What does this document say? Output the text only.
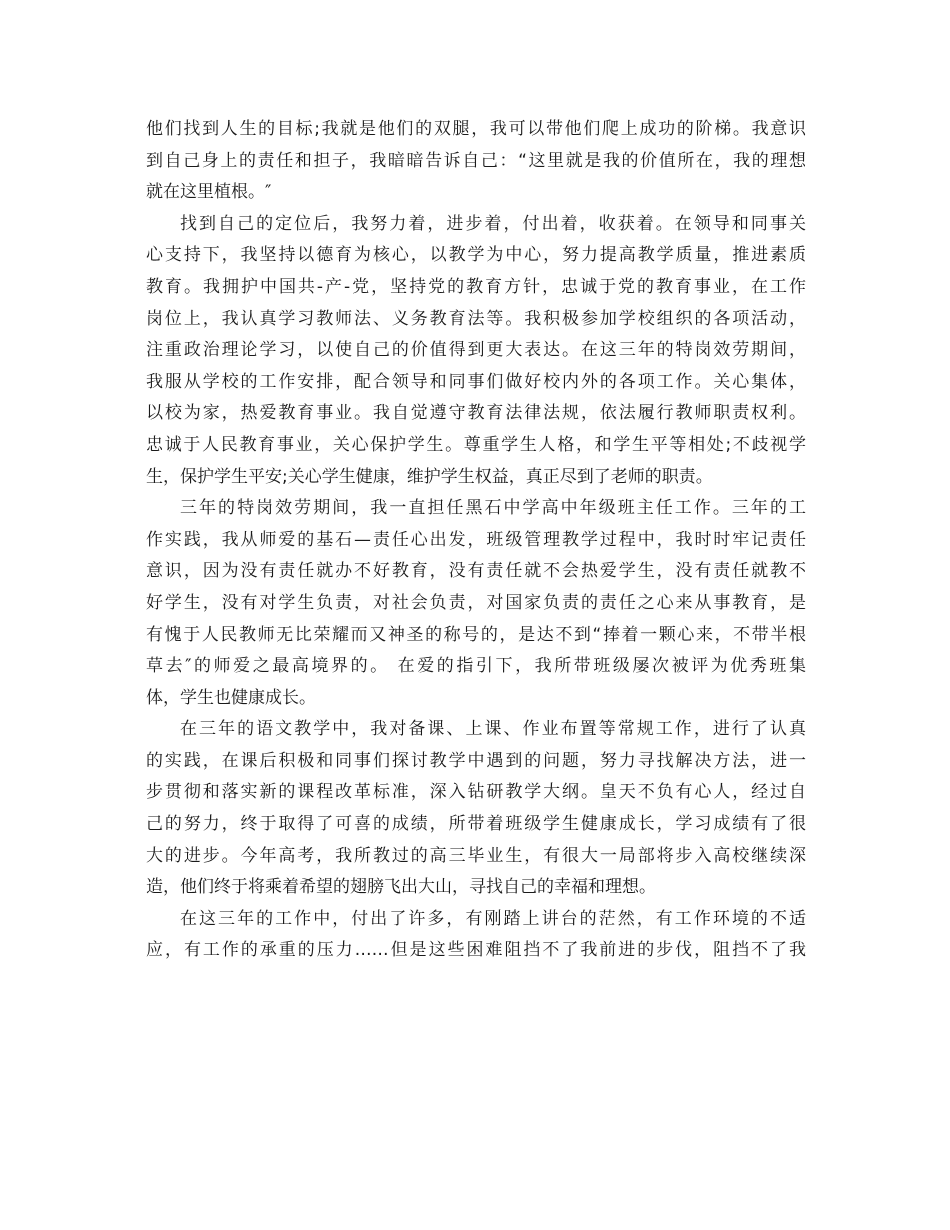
他们找到人生的目标;我就是他们的双腿，我可以带他们爬上成功的阶梯。我意识
到自己身上的责任和担子，我暗暗告诉自己：“这里就是我的价值所在，我的理想
就在这里植根。″
找到自己的定位后，我努力着，进步着，付出着，收获着。在领导和同事关
心支持下，我坚持以德育为核心，以教学为中心，努力提高教学质量，推进素质
教育。我拥护中国共-产-党，坚持党的教育方针，忠诚于党的教育事业，在工作
岗位上，我认真学习教师法、义务教育法等。我积极参加学校组织的各项活动，
注重政治理论学习，以使自己的价值得到更大表达。在这三年的特岗效劳期间，
我服从学校的工作安排，配合领导和同事们做好校内外的各项工作。关心集体，
以校为家，热爱教育事业。我自觉遵守教育法律法规，依法履行教师职责权利。
忠诚于人民教育事业，关心保护学生。尊重学生人格，和学生平等相处;不歧视学
生，保护学生平安;关心学生健康，维护学生权益，真正尽到了老师的职责。
三年的特岗效劳期间，我一直担任黑石中学高中年级班主任工作。三年的工
作实践，我从师爱的基石—责任心出发，班级管理教学过程中，我时时牢记责任
意识，因为没有责任就办不好教育，没有责任就不会热爱学生，没有责任就教不
好学生，没有对学生负责，对社会负责，对国家负责的责任之心来从事教育，是
有愧于人民教师无比荣耀而又神圣的称号的，是达不到“捧着一颗心来，不带半根
草去″的师爱之最高境界的。 在爱的指引下，我所带班级屡次被评为优秀班集
体，学生也健康成长。
在三年的语文教学中，我对备课、上课、作业布置等常规工作，进行了认真
的实践，在课后积极和同事们探讨教学中遇到的问题，努力寻找解决方法，进一
步贯彻和落实新的课程改革标准，深入钻研教学大纲。皇天不负有心人，经过自
己的努力，终于取得了可喜的成绩，所带着班级学生健康成长，学习成绩有了很
大的进步。今年高考，我所教过的高三毕业生，有很大一局部将步入高校继续深
造，他们终于将乘着希望的翅膀飞出大山，寻找自己的幸福和理想。
在这三年的工作中，付出了许多，有刚踏上讲台的茫然，有工作环境的不适
应，有工作的承重的压力……但是这些困难阻挡不了我前进的步伐，阻挡不了我
